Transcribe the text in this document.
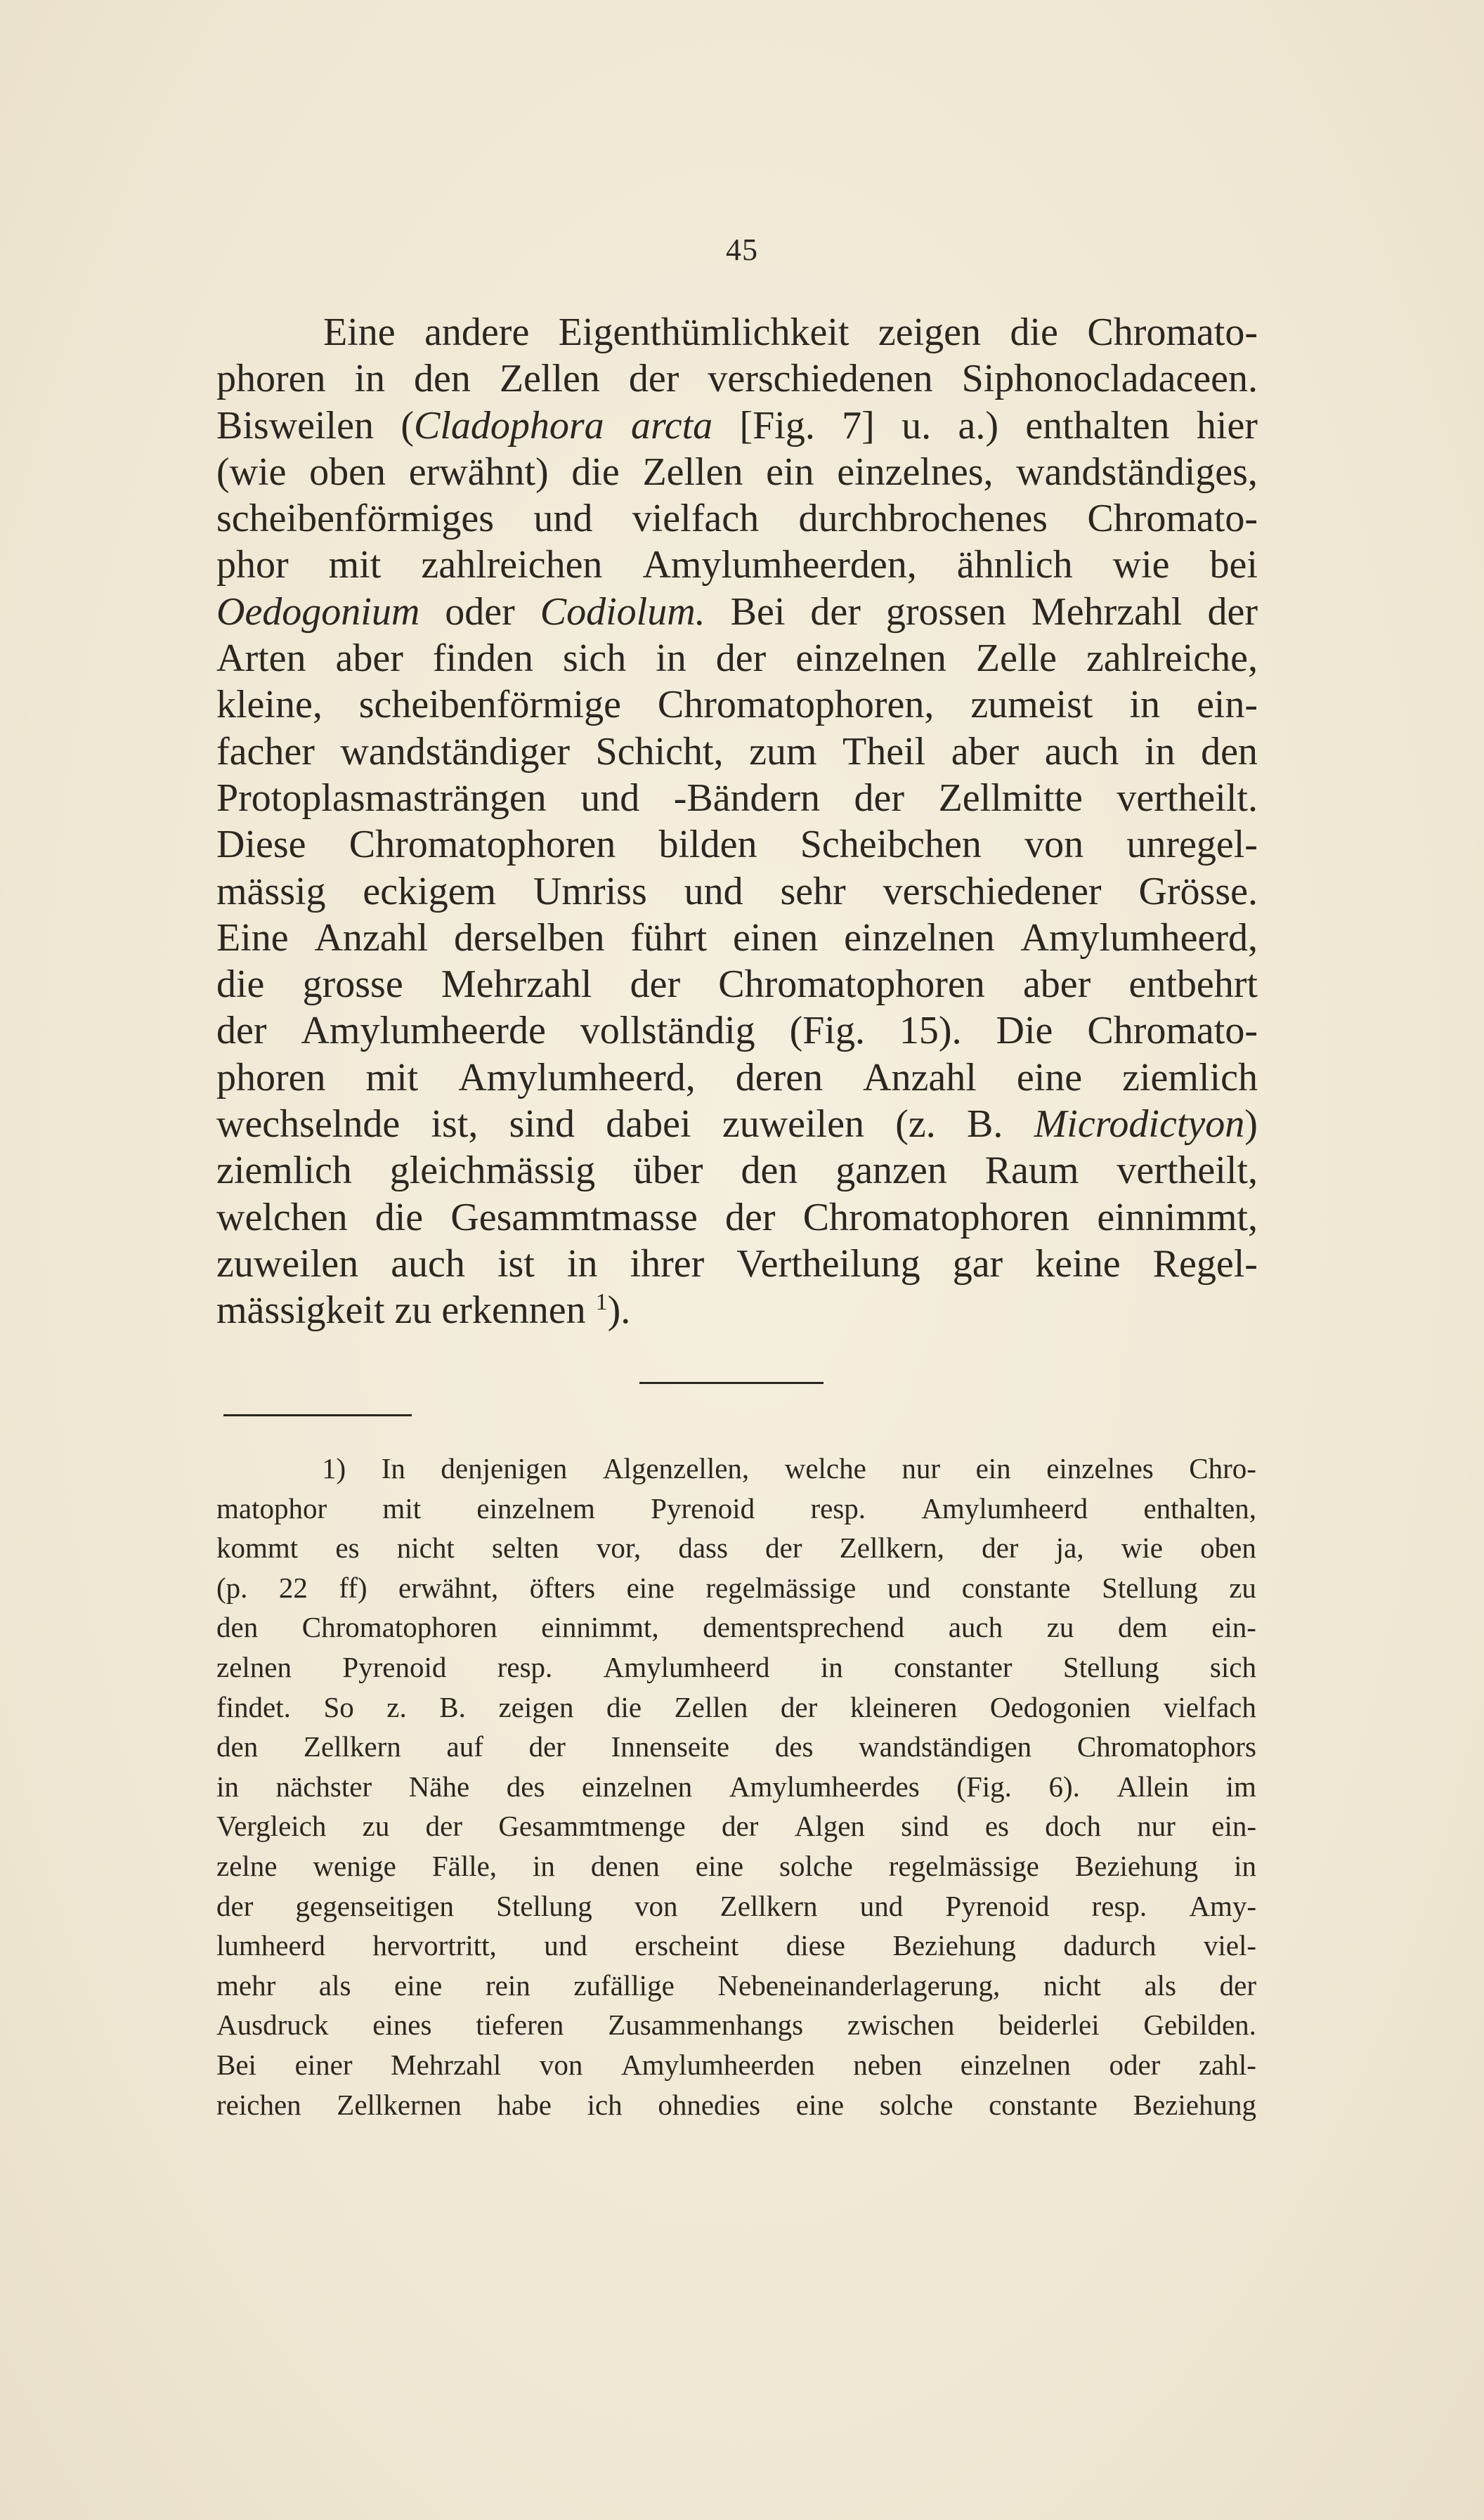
45
Eine andere Eigenthümlichkeit zeigen die Chromato-
phoren in den Zellen der verschiedenen Siphonocladaceen.
Bisweilen (Cladophora arcta [Fig. 7] u. a.) enthalten hier
(wie oben erwähnt) die Zellen ein einzelnes, wandständiges,
scheibenförmiges und vielfach durchbrochenes Chromato-
phor mit zahlreichen Amylumheerden, ähnlich wie bei
Oedogonium oder Codiolum. Bei der grossen Mehrzahl der
Arten aber finden sich in der einzelnen Zelle zahlreiche,
kleine, scheibenförmige Chromatophoren, zumeist in ein-
facher wandständiger Schicht, zum Theil aber auch in den
Protoplasmasträngen und -Bändern der Zellmitte vertheilt.
Diese Chromatophoren bilden Scheibchen von unregel-
mässig eckigem Umriss und sehr verschiedener Grösse.
Eine Anzahl derselben führt einen einzelnen Amylumheerd,
die grosse Mehrzahl der Chromatophoren aber entbehrt
der Amylumheerde vollständig (Fig. 15). Die Chromato-
phoren mit Amylumheerd, deren Anzahl eine ziemlich
wechselnde ist, sind dabei zuweilen (z. B. Microdictyon)
ziemlich gleichmässig über den ganzen Raum vertheilt,
welchen die Gesammtmasse der Chromatophoren einnimmt,
zuweilen auch ist in ihrer Vertheilung gar keine Regel-
mässigkeit
zu
erkennen
1).

1) In denjenigen Algenzellen, welche nur ein einzelnes Chro-
matophor mit einzelnem Pyrenoid resp. Amylumheerd enthalten,
kommt es nicht selten vor, dass der Zellkern, der ja, wie oben
(p. 22 ff) erwähnt, öfters eine regelmässige und constante Stellung zu
den Chromatophoren einnimmt, dementsprechend auch zu dem ein-
zelnen Pyrenoid resp. Amylumheerd in constanter Stellung sich
findet. So z. B. zeigen die Zellen der kleineren Oedogonien vielfach
den Zellkern auf der Innenseite des wandständigen Chromatophors
in nächster Nähe des einzelnen Amylumheerdes (Fig. 6). Allein im
Vergleich zu der Gesammtmenge der Algen sind es doch nur ein-
zelne wenige Fälle, in denen eine solche regelmässige Beziehung in
der gegenseitigen Stellung von Zellkern und Pyrenoid resp. Amy-
lumheerd hervortritt, und erscheint diese Beziehung dadurch viel-
mehr als eine rein zufällige Nebeneinanderlagerung, nicht als der
Ausdruck eines tieferen Zusammenhangs zwischen beiderlei Gebilden.
Bei einer Mehrzahl von Amylumheerden neben einzelnen oder zahl-
reichen Zellkernen habe ich ohnedies eine solche constante Beziehung
